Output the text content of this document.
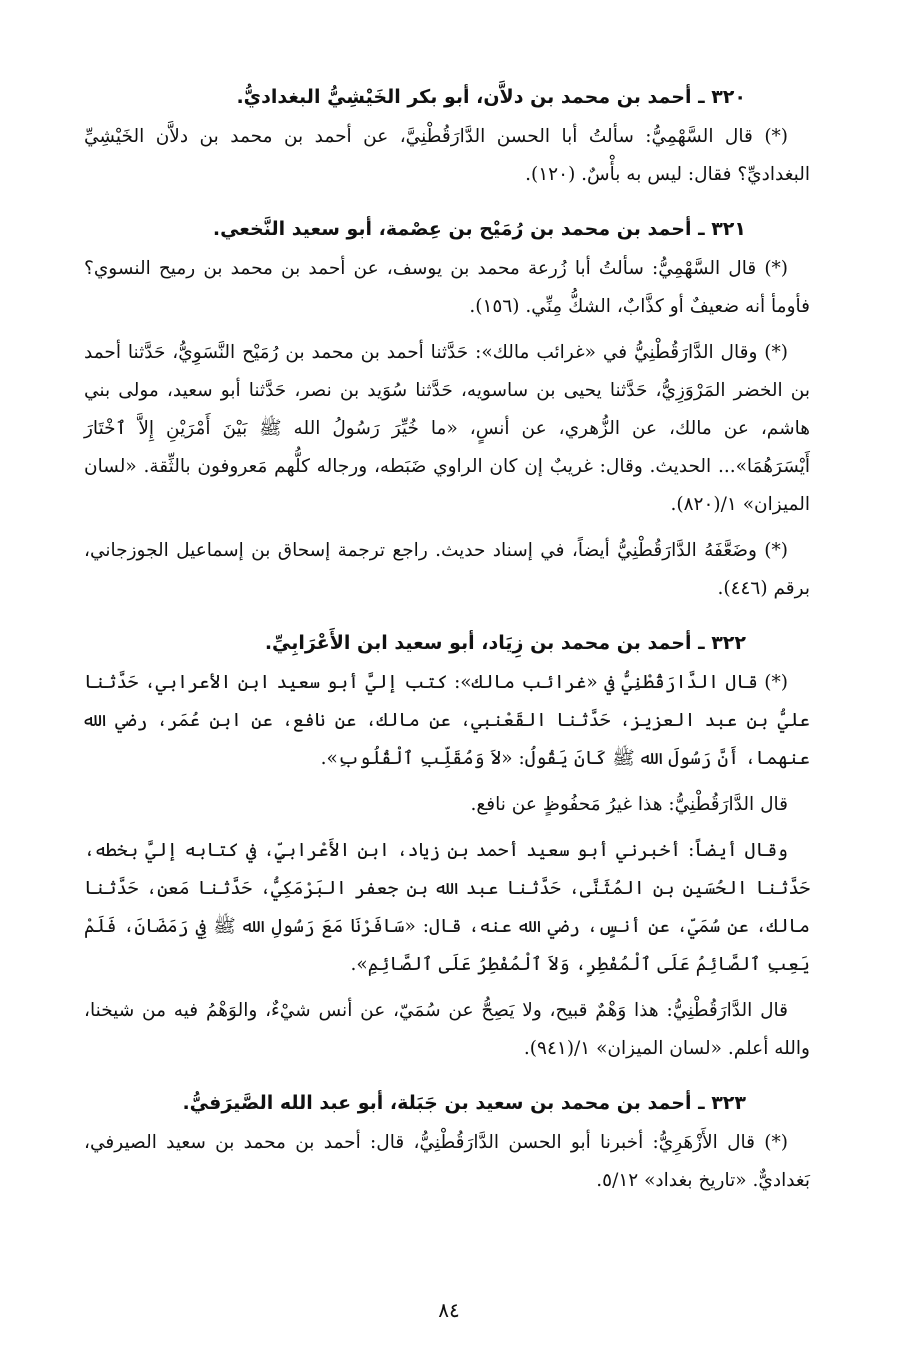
٣٢٠ ـ أحمد بن محمد بن دلاَّن، أبو بكر الخَيْشِيُّ البغداديُّ.

(*) قال السَّهْمِيُّ: سألتُ أبا الحسن الدَّارَقُطْنِيَّ، عن أحمد بن محمد بن دلاَّن الخَيْشِيِّ البغداديِّ؟ فقال: ليس به بأْسٌ. (١٢٠).

٣٢١ ـ أحمد بن محمد بن رُمَيْح بن عِصْمة، أبو سعيد النَّخعي.

(*) قال السَّهْمِيُّ: سألتُ أبا زُرعة محمد بن يوسف، عن أحمد بن محمد بن رميح النسوي؟ فأومأ أنه ضعيفٌ أو كذَّابٌ، الشكُّ مِنِّي. (١٥٦).

(*) وقال الدَّارَقُطْنِيُّ في «غرائب مالك»: حَدَّثنا أحمد بن محمد بن رُمَيْح النَّسَوِيُّ، حَدَّثنا أحمد بن الخضر المَرْوَزِيُّ، حَدَّثنا يحيى بن ساسويه، حَدَّثنا سُوَيد بن نصر، حَدَّثنا أبو سعيد، مولى بني هاشم، عن مالك، عن الزُّهري، عن أنسٍ، «ما خُيِّرَ رَسُولُ الله ﷺ بَيْنَ أَمْرَيْنِ إِلاَّ ٱخْتَارَ أَيْسَرَهُمَا»... الحديث. وقال: غريبٌ إن كان الراوي ضَبَطه، ورجاله كلُّهم مَعروفون بالثِّقة. «لسان الميزان» ١/(٨٢٠).

(*) وضَعَّفَهُ الدَّارَقُطْنِيُّ أيضاً، في إسناد حديث. راجع ترجمة إسحاق بن إسماعيل الجوزجاني، برقم (٤٤٦).

٣٢٢ ـ أحمد بن محمد بن زِيَاد، أبو سعيد ابن الأَعْرَابِيِّ.

(*) قال الدَّارَقُطْنِيُّ في «غرائب مالك»: كتب إليَّ أبو سعيد ابن الأعرابي، حَدَّثنا عليُّ بن عبد العزيز، حَدَّثنا القَعْنبي، عن مالك، عن نافع، عن ابن عُمَر، رضي الله عنهما، أَنَّ رَسُولَ الله ﷺ كَانَ يَقُولُ: «لاَ وَمُقَلِّبِ ٱلْقُلُوبِ».

قال الدَّارَقُطْنِيُّ: هذا غيرُ مَحفُوظٍ عن نافع.

وقال أيضاً: أخبرني أبو سعيد أحمد بن زياد، ابن الأَعْرابيِّ، في كتابه إليَّ بخطه، حَدَّثنا الحُسَين بن المُثَنَّى، حَدَّثنا عبد الله بن جعفر البَرْمَكِيُّ، حَدَّثنا مَعن، حَدَّثنا مالك، عن سُمَيّ، عن أنسٍ، رضي الله عنه، قال: «سَافَرْنَا مَعَ رَسُولِ الله ﷺ فِي رَمَضَانَ، فَلَمْ يَعِبِ ٱلصَّائِمُ عَلَى ٱلْمُفْطِرِ، وَلاَ ٱلْمُفْطِرُ عَلَى ٱلصَّائِمِ».

قال الدَّارَقُطْنِيُّ: هذا وَهْمٌ قبيح، ولا يَصِحُّ عن سُمَيّ، عن أنس شيْءٌ، والوَهْمُ فيه من شيخنا، والله أعلم. «لسان الميزان» ١/(٩٤١).

٣٢٣ ـ أحمد بن محمد بن سعيد بن جَبَلة، أبو عبد الله الصَّيرَفيُّ.

(*) قال الأَزْهَرِيُّ: أخبرنا أبو الحسن الدَّارَقُطْنِيُّ، قال: أحمد بن محمد بن سعيد الصيرفي، بَغداديٌّ. «تاريخ بغداد» ٥/١٢.

٨٤
